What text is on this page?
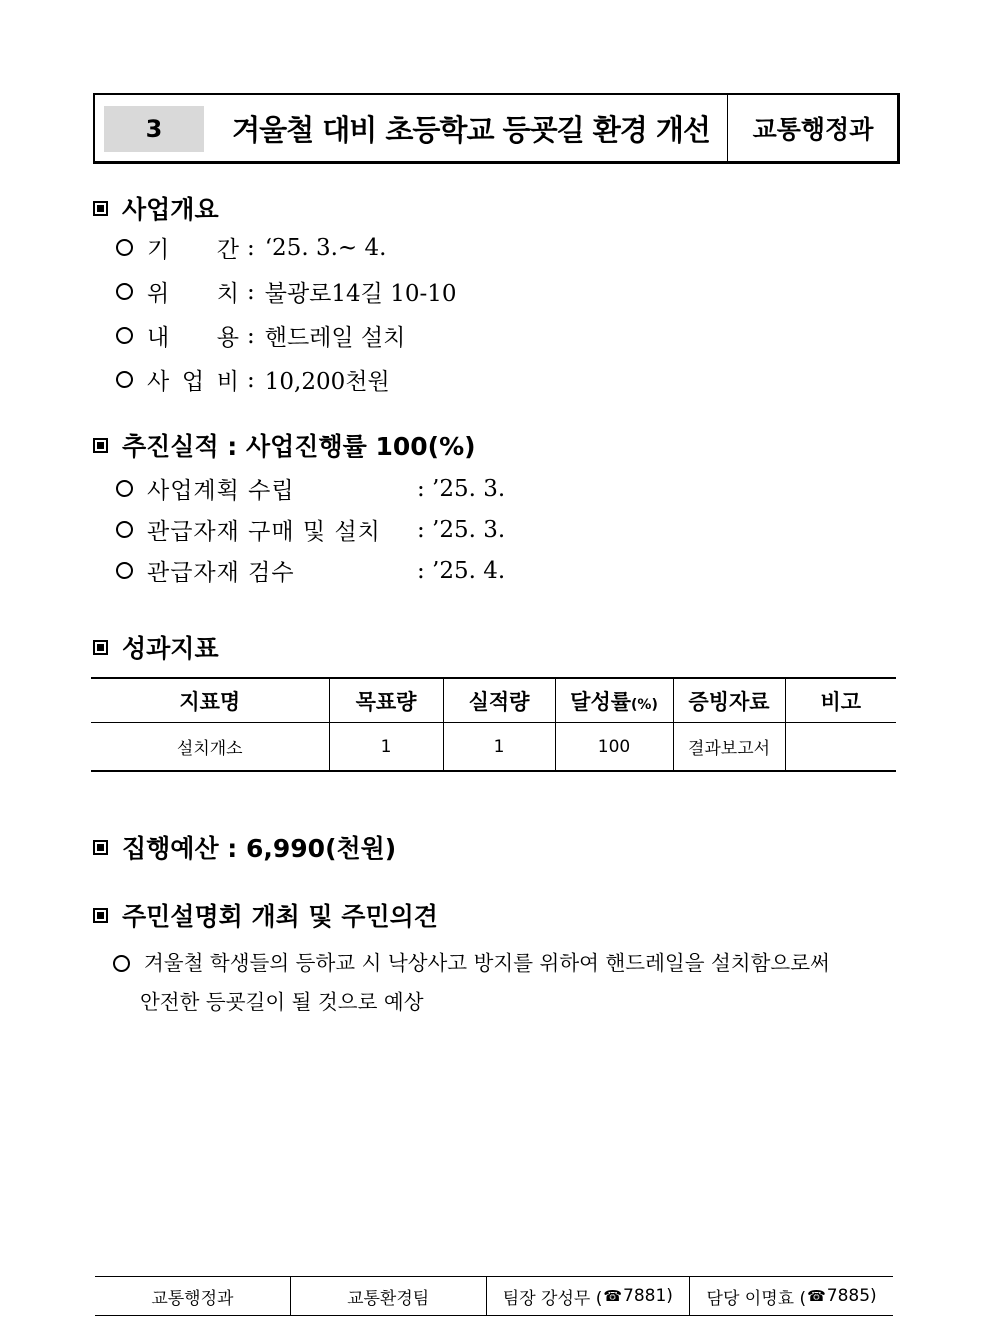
3	겨울철 대비 초등학교 등굣길 환경 개선	교통행정과
사업개요
기 간 : ‘25. 3.~ 4.
위 치 : 불광로14길 10-10
내 용 : 핸드레일 설치
사 업 비 : 10,200천원
추진실적 : 사업진행률 100(%)
사업계획 수립	: ’25. 3.
관급자재 구매 및 설치	: ’25. 3.
관급자재 검수	: ’25. 4.
성과지표
지표명	목표량	실적량	달성률(%)	증빙자료	비고
설치개소	1	1	100	결과보고서	
집행예산 : 6,990(천원)
주민설명회 개최 및 주민의견
겨울철 학생들의 등하교 시 낙상사고 방지를 위하여 핸드레일을 설치함으로써
안전한 등굣길이 될 것으로 예상
교통행정과	교통환경팀	팀장 강성무 ( ☎ 7881) 담당 이명효 ( ☎ 7885)
